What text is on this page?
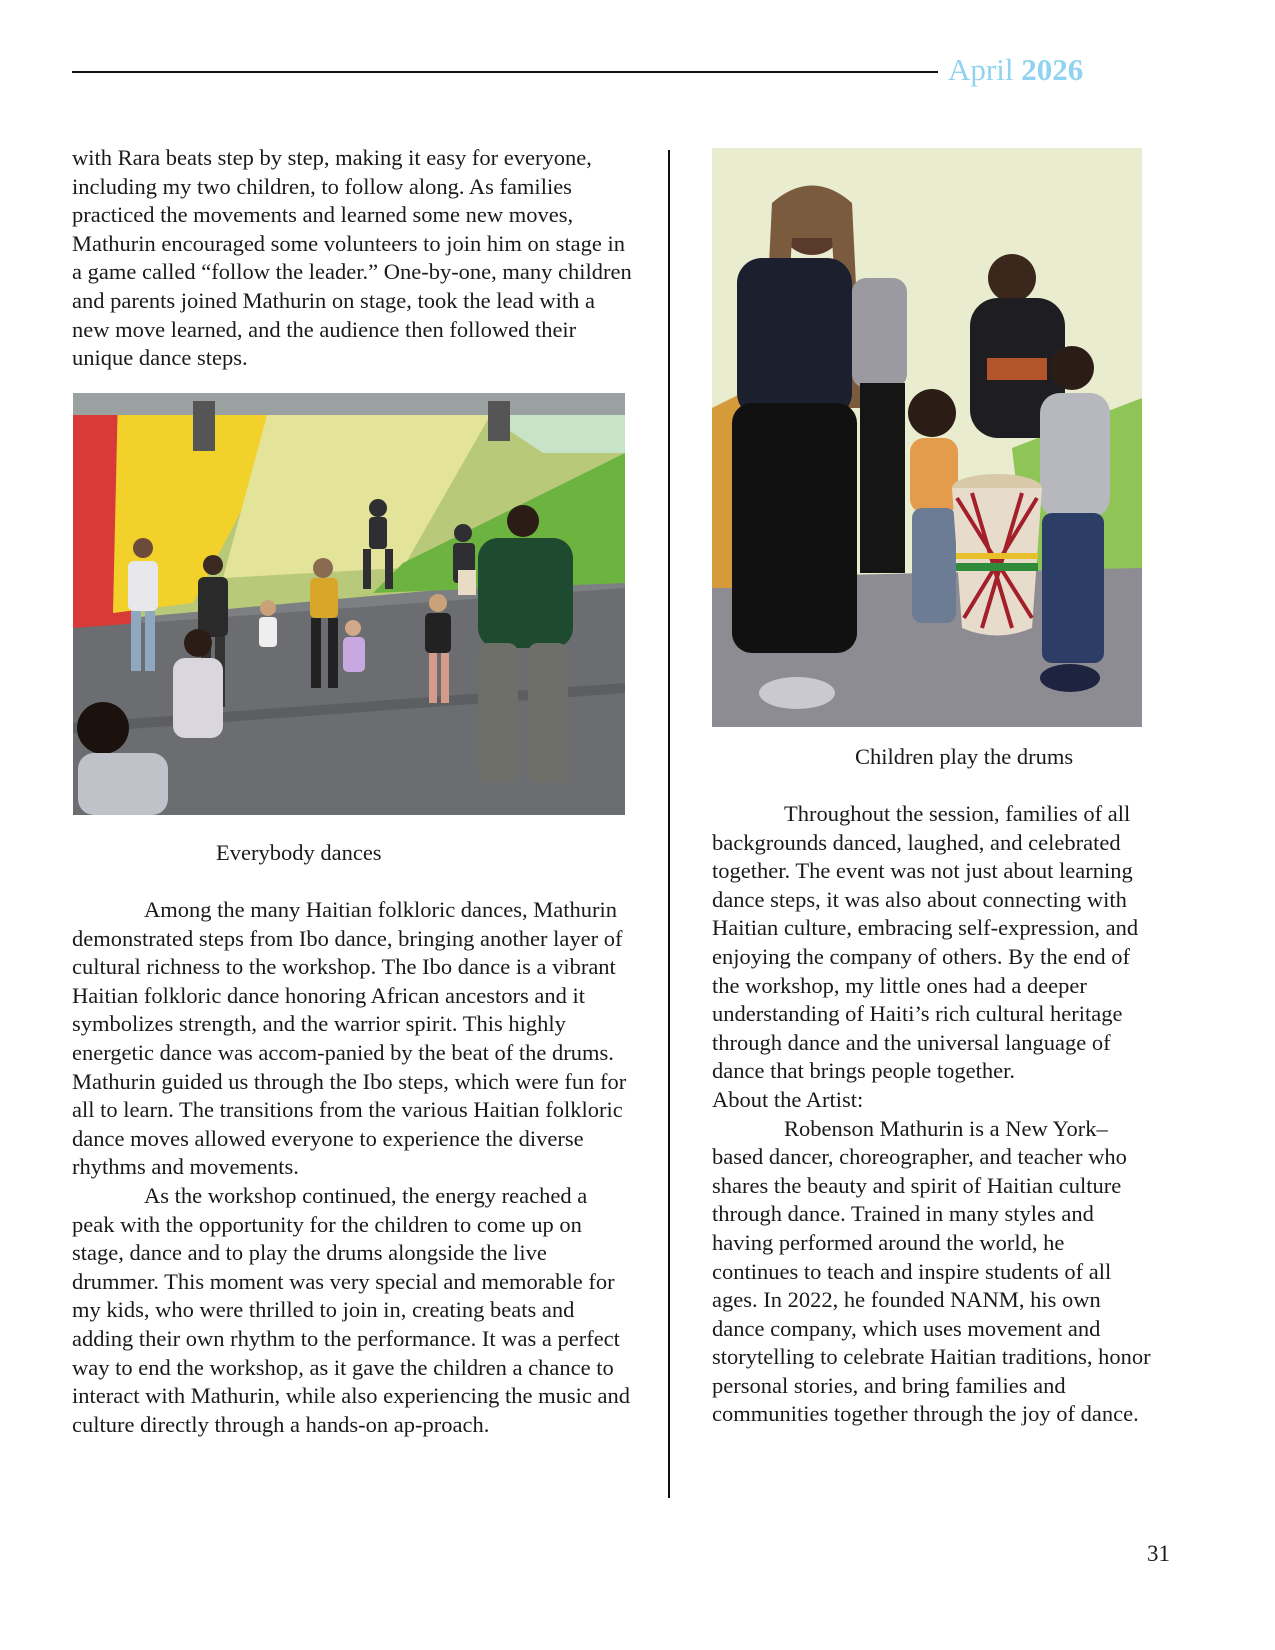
April 2026

with Rara beats step by step, making it easy for everyone, including my two children, to follow along. As families practiced the movements and learned some new moves, Mathurin encouraged some volunteers to join him on stage in a game called “follow the leader.” One-by-one, many children and parents joined Mathurin on stage, took the lead with a new move learned, and the audience then followed their unique dance steps.

Everybody dances

Among the many Haitian folkloric dances, Mathurin demonstrated steps from Ibo dance, bringing another layer of cultural richness to the workshop. The Ibo dance is a vibrant Haitian folkloric dance honoring African ancestors and it symbolizes strength, and the warrior spirit. This highly energetic dance was accom-panied by the beat of the drums. Mathurin guided us through the Ibo steps, which were fun for all to learn. The transitions from the various Haitian folkloric dance moves allowed everyone to experience the diverse rhythms and movements.

As the workshop continued, the energy reached a peak with the opportunity for the children to come up on stage, dance and to play the drums alongside the live drummer. This moment was very special and memorable for my kids, who were thrilled to join in, creating beats and adding their own rhythm to the performance. It was a perfect way to end the workshop, as it gave the children a chance to interact with Mathurin, while also experiencing the music and culture directly through a hands-on ap-proach.

Children play the drums

Throughout the session, families of all backgrounds danced, laughed, and celebrated together. The event was not just about learning dance steps, it was also about connecting with Haitian culture, embracing self-expression, and enjoying the company of others. By the end of the workshop, my little ones had a deeper understanding of Haiti’s rich cultural heritage through dance and the universal language of dance that brings people together.

About the Artist:

Robenson Mathurin is a New York–based dancer, choreographer, and teacher who shares the beauty and spirit of Haitian culture through dance. Trained in many styles and having performed around the world, he continues to teach and inspire students of all ages. In 2022, he founded NANM, his own dance company, which uses movement and storytelling to celebrate Haitian traditions, honor personal stories, and bring families and communities together through the joy of dance.

31
